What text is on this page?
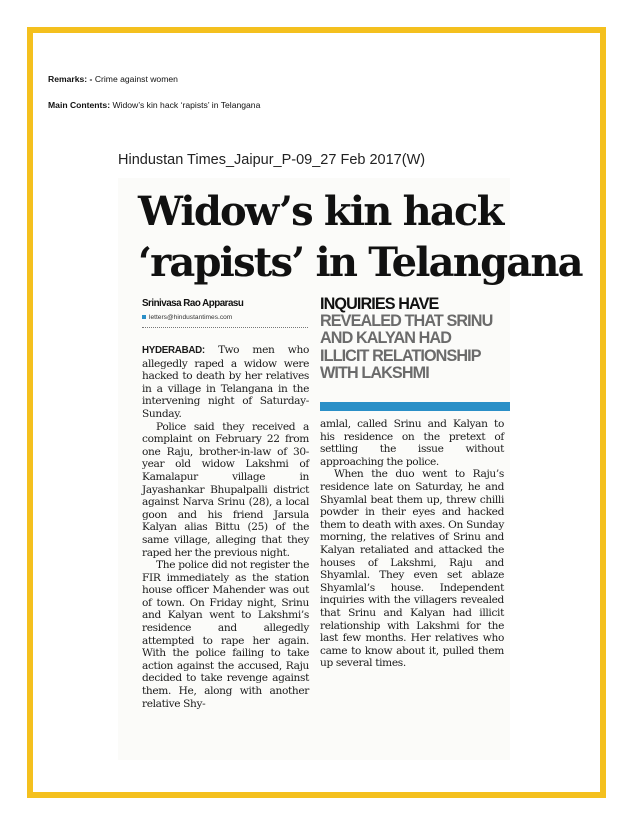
Remarks: - Crime against women
Main Contents: Widow’s kin hack ‘rapists’ in Telangana
Hindustan Times_Jaipur_P-09_27 Feb 2017(W)
Widow’s kin hack
‘rapists’ in Telangana
Srinivasa Rao Apparasu
letters@hindustantimes.com

HYDERABAD: Two men who allegedly raped a widow were hacked to death by her relatives in a village in Telangana in the intervening night of Saturday-Sunday.

Police said they received a complaint on February 22 from one Raju, brother-in-law of 30-year old widow Lakshmi of Kamalapur village in Jayashankar Bhupalpalli district against Narva Srinu (28), a local goon and his friend Jarsula Kalyan alias Bittu (25) of the same village, alleging that they raped her the previous night.

The police did not register the FIR immediately as the station house officer Mahender was out of town. On Friday night, Srinu and Kalyan went to Lakshmi’s residence and allegedly attempted to rape her again. With the police failing to take action against the accused, Raju decided to take revenge against them. He, along with another relative Shy-

INQUIRIES HAVE
REVEALED THAT SRINU AND KALYAN HAD ILLICIT RELATIONSHIP WITH LAKSHMI

amlal, called Srinu and Kalyan to his residence on the pretext of settling the issue without approaching the police.

When the duo went to Raju’s residence late on Saturday, he and Shyamlal beat them up, threw chilli powder in their eyes and hacked them to death with axes. On Sunday morning, the relatives of Srinu and Kalyan retaliated and attacked the houses of Lakshmi, Raju and Shyamlal. They even set ablaze Shyamlal’s house. Independent inquiries with the villagers revealed that Srinu and Kalyan had illicit relationship with Lakshmi for the last few months. Her relatives who came to know about it, pulled them up several times.
